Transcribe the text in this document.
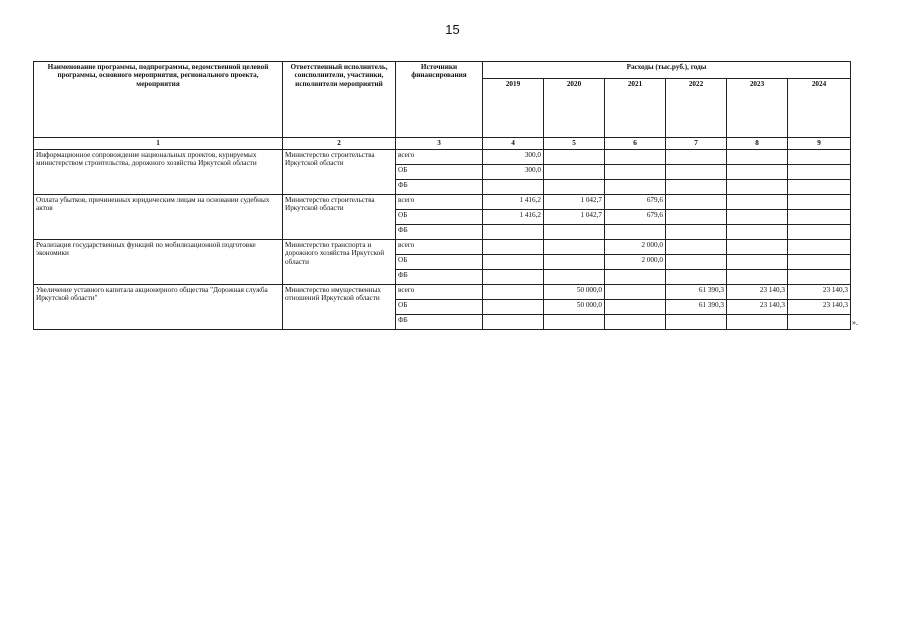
15
Наименование программы, подпрограммы, ведомственной целевой программы, основного мероприятия, регионального проекта, мероприятия	Ответственный исполнитель, соисполнители, участники, исполнители мероприятий	Источники финансирования	Расходы (тыс.руб.), годы					
			2019	2020	2021	2022	2023	2024
1	2	3	4	5	6	7	8	9
Информационное сопровождение национальных проектов, курируемых министерством строительства, дорожного хозяйства Иркутской области	Министерство строительства Иркутской области	всего	300,0					
		ОБ	300,0					
		ФБ						
Оплата убытков, причиненных юридическим лицам на основании судебных актов	Министерство строительства Иркутской области	всего	1 416,2	1 042,7	679,6			
		ОБ	1 416,2	1 042,7	679,6			
		ФБ						
Реализация государственных функций по мобилизационной подготовке экономики	Министерство транспорта и дорожного хозяйства Иркутской области	всего			2 000,0			
		ОБ			2 000,0			
		ФБ						
Увеличение уставного капитала акционерного общества "Дорожная служба Иркутской области"	Министерство имущественных отношений Иркутской области	всего		50 000,0		61 390,3	23 140,3	23 140,3
		ОБ		50 000,0		61 390,3	23 140,3	23 140,3
		ФБ							».
